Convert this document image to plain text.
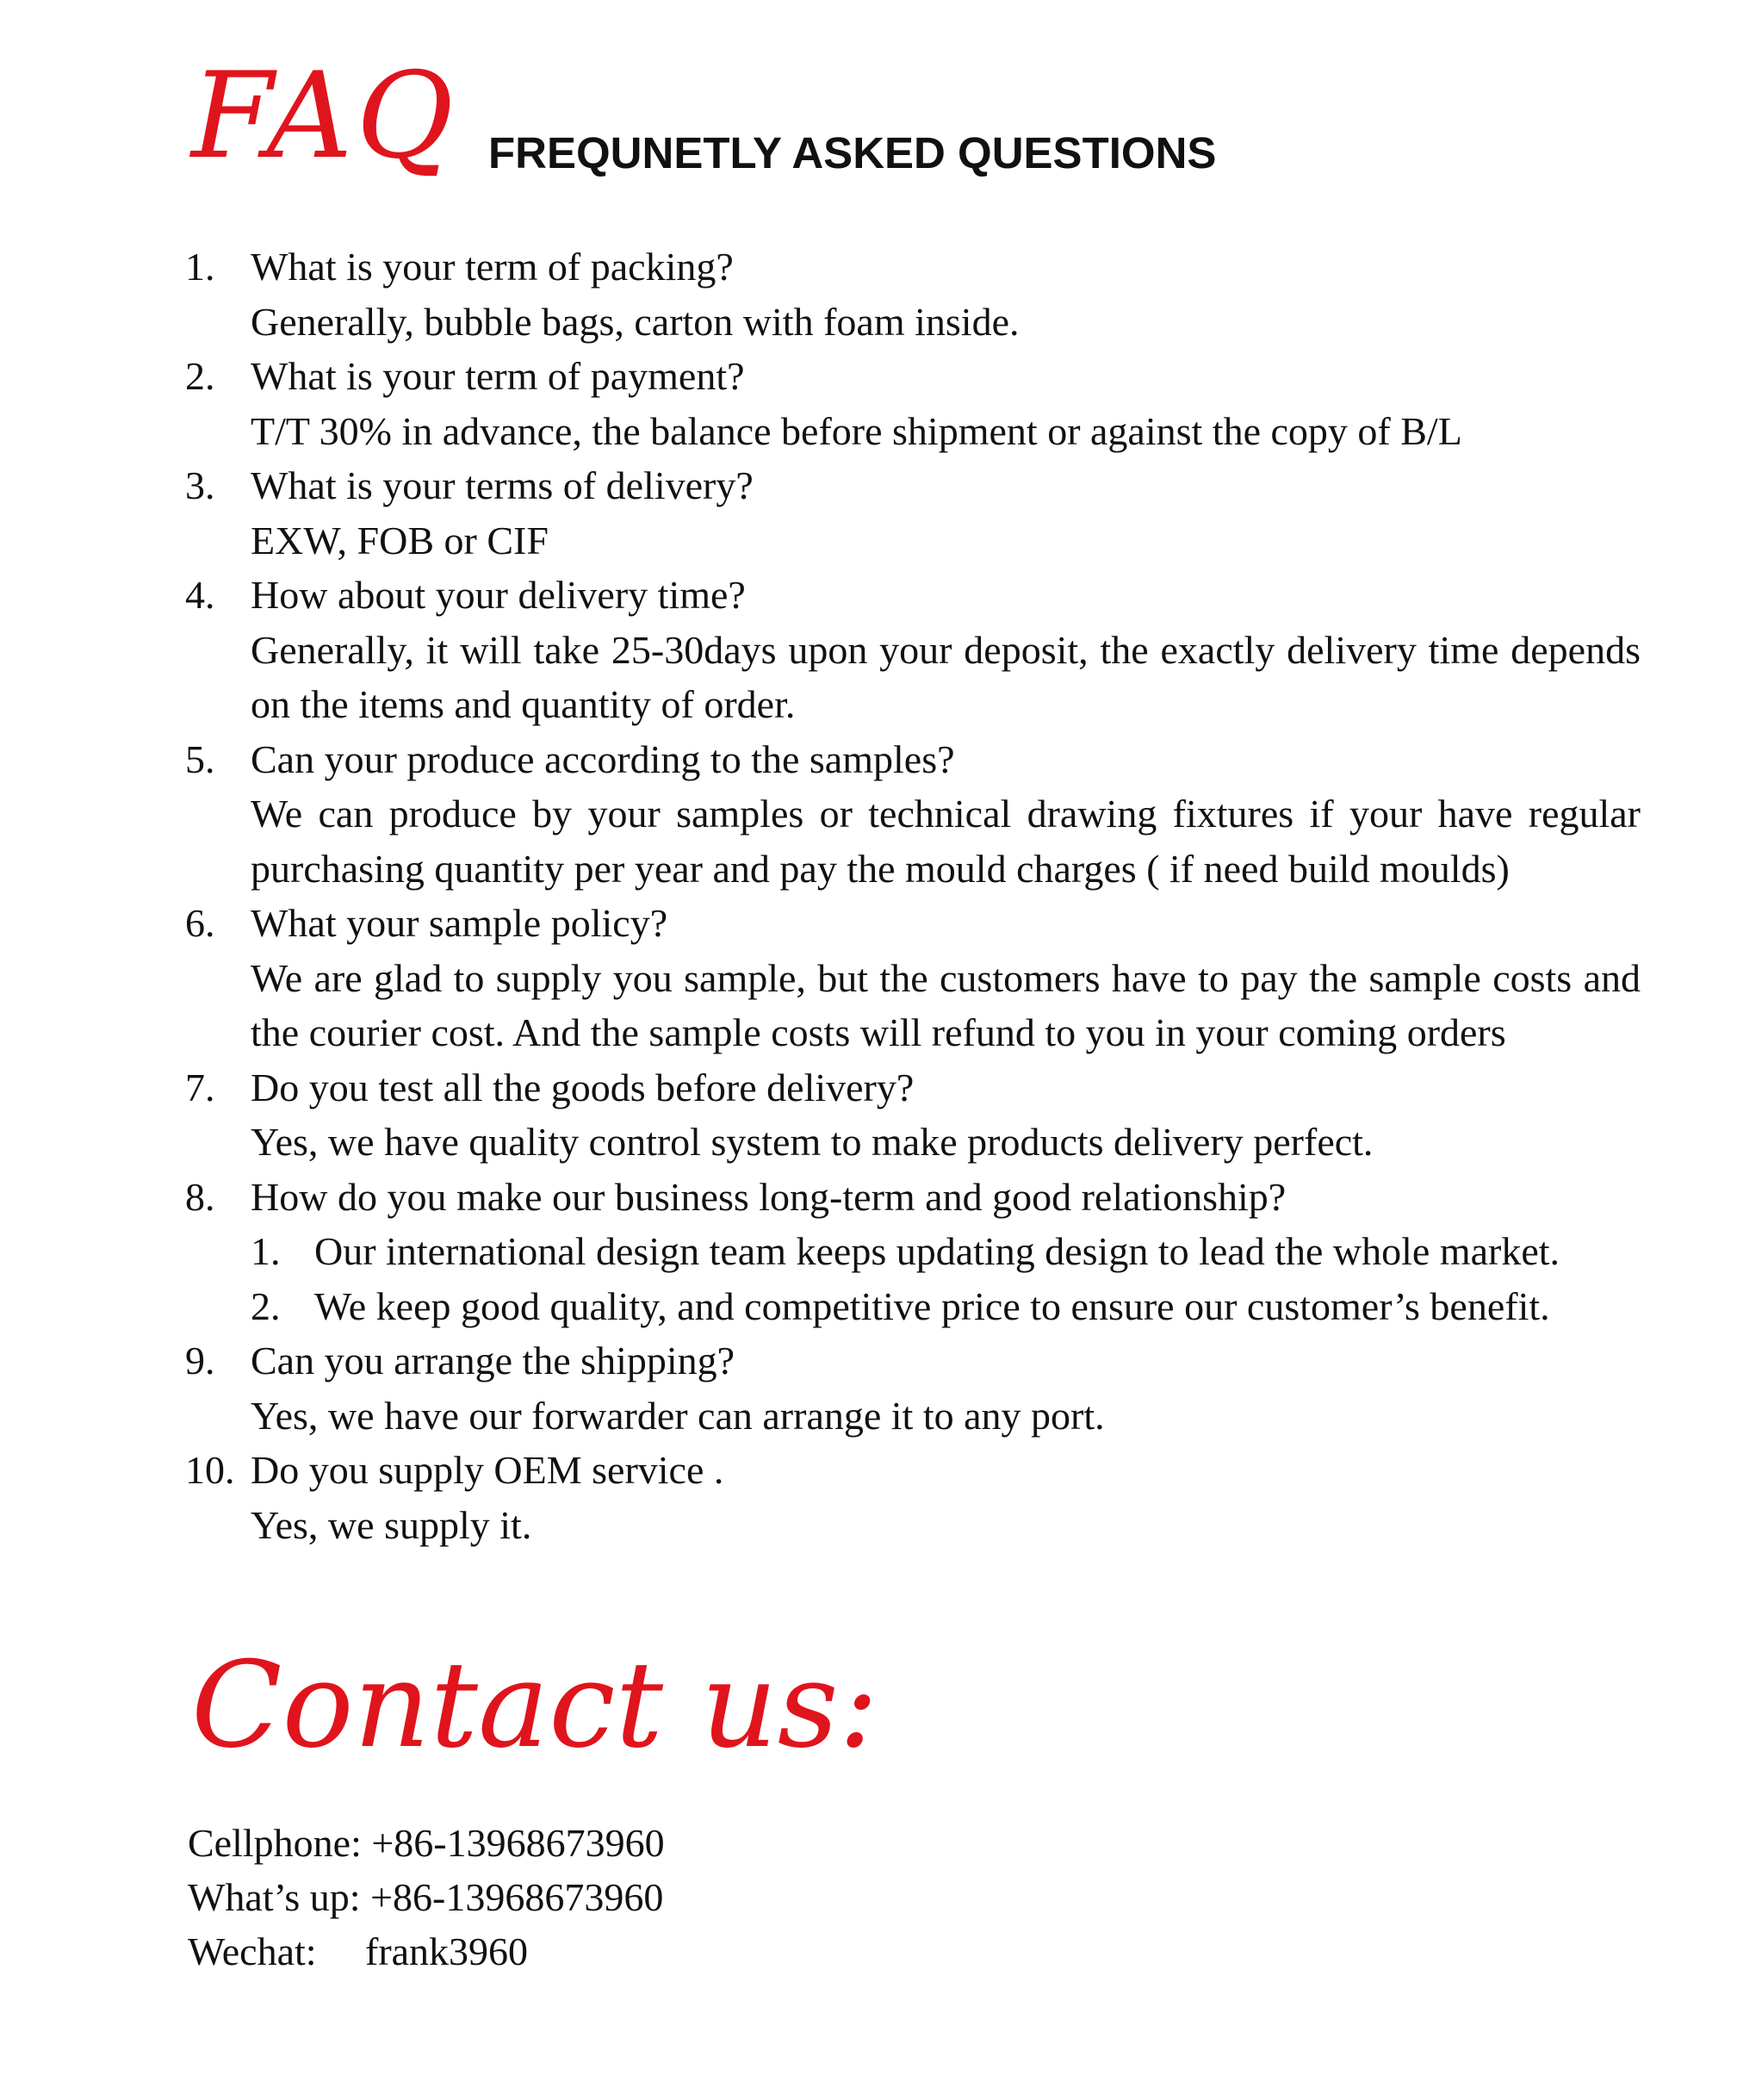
FAQ FREQUNETLY ASKED QUESTIONS
1. What is your term of packing?
Generally, bubble bags, carton with foam inside.
2. What is your term of payment?
T/T 30% in advance, the balance before shipment or against the copy of B/L
3. What is your terms of delivery?
EXW, FOB or CIF
4. How about your delivery time?
Generally, it will take 25-30days upon your deposit, the exactly delivery time depends on the items and quantity of order.
5. Can your produce according to the samples?
We can produce by your samples or technical drawing fixtures if your have regular purchasing quantity per year and pay the mould charges ( if need build moulds)
6. What your sample policy?
We are glad to supply you sample, but the customers have to pay the sample costs and the courier cost. And the sample costs will refund to you in your coming orders
7. Do you test all the goods before delivery?
Yes, we have quality control system to make products delivery perfect.
8. How do you make our business long-term and good relationship?
1. Our international design team keeps updating design to lead the whole market.
2. We keep good quality, and competitive price to ensure our customer’s benefit.
9. Can you arrange the shipping?
Yes, we have our forwarder can arrange it to any port.
10. Do you supply OEM service .
Yes, we supply it.
Contact us:
Cellphone: +86-13968673960
What’s up: +86-13968673960
Wechat: frank3960
